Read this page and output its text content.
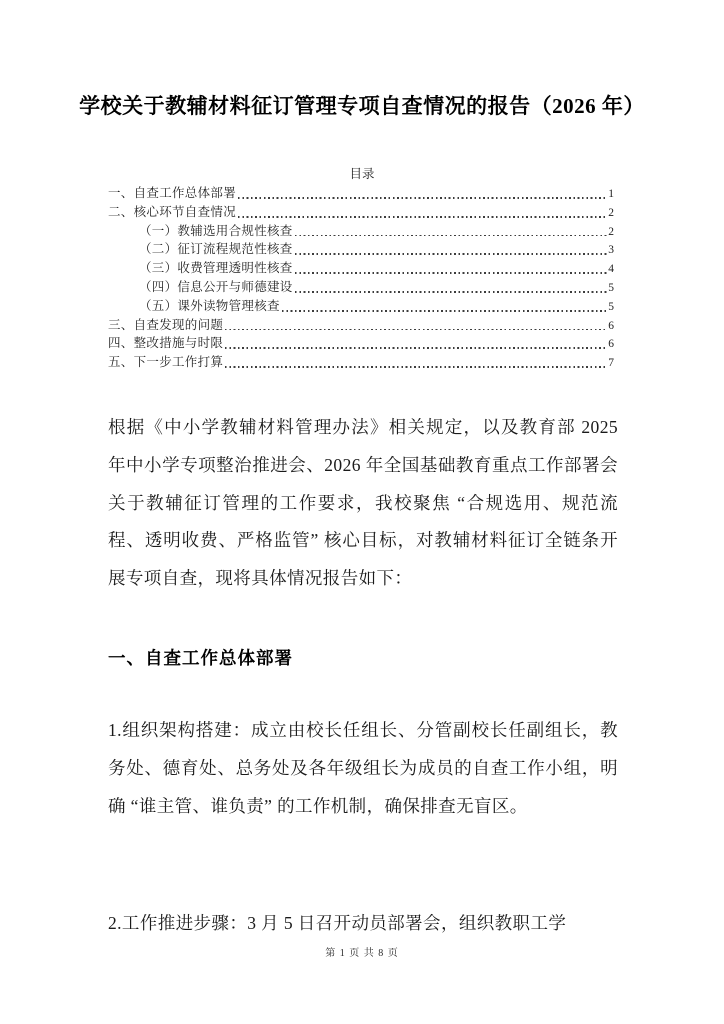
学校关于教辅材料征订管理专项自查情况的报告（2026 年）
目录
一、自查工作总体部署	1
二、核心环节自查情况	2
（一）教辅选用合规性核查	2
（二）征订流程规范性核查	3
（三）收费管理透明性核查	4
（四）信息公开与师德建设	5
（五）课外读物管理核查	5
三、自查发现的问题	6
四、整改措施与时限	6
五、下一步工作打算	7

根据《中小学教辅材料管理办法》相关规定，以及教育部 2025 年中小学专项整治推进会、2026 年全国基础教育重点工作部署会关于教辅征订管理的工作要求，我校聚焦 “合规选用、规范流程、透明收费、严格监管” 核心目标，对教辅材料征订全链条开展专项自查，现将具体情况报告如下：

一、自查工作总体部署

1.组织架构搭建：成立由校长任组长、分管副校长任副组长，教务处、德育处、总务处及各年级组长为成员的自查工作小组，明确 “谁主管、谁负责” 的工作机制，确保排查无盲区。

2.工作推进步骤：3 月 5 日召开动员部署会，组织教职工学

第 1 页 共 8 页
